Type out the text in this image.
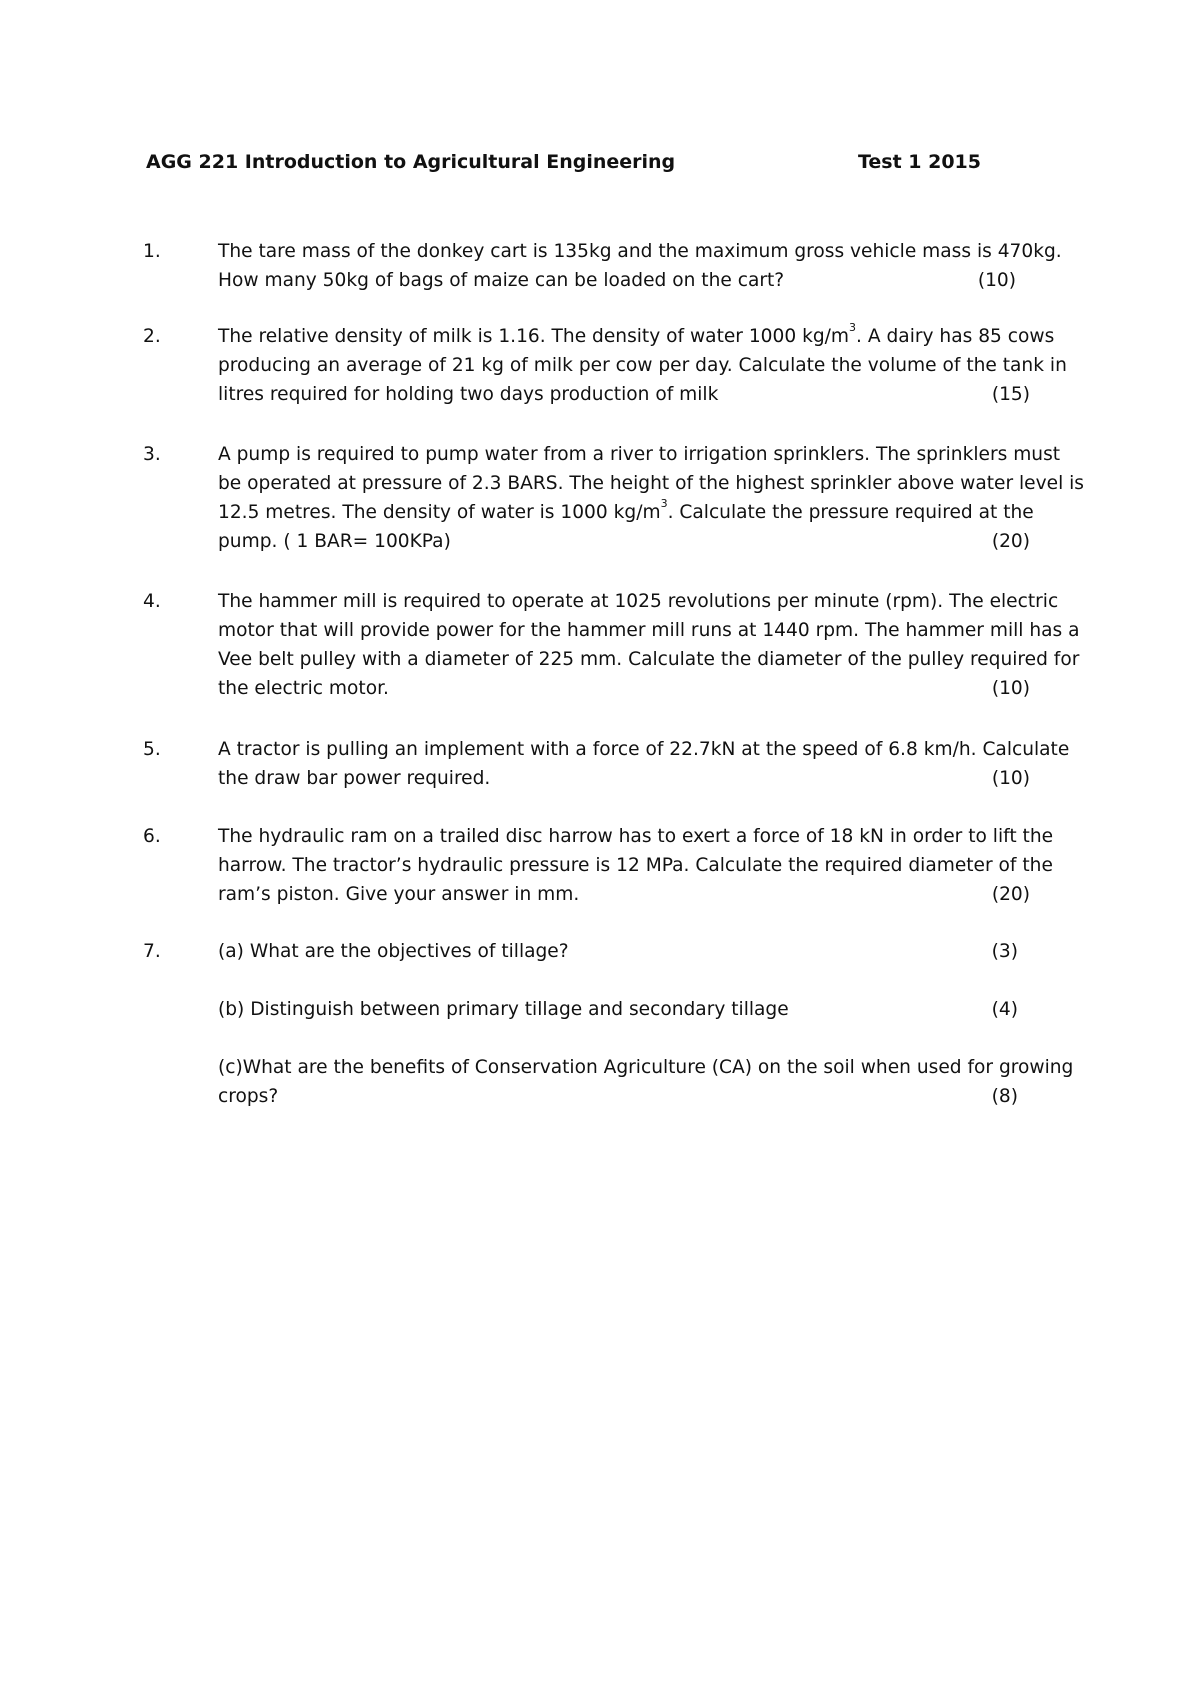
AGG 221 Introduction to Agricultural Engineering	Test 1 2015
1.	The tare mass of the donkey cart is 135kg and the maximum gross vehicle mass is 470kg.
How many 50kg of bags of maize can be loaded on the cart?	(10)
2.	The relative density of milk is 1.16. The density of water 1000 $kg/m^3$. A dairy has 85 cows
producing an average of 21 kg of milk per cow per day. Calculate the volume of the tank in
litres required for holding two days production of milk	(15)
3.	A pump is required to pump water from a river to irrigation sprinklers. The sprinklers must
be operated at pressure of 2.3 BARS. The height of the highest sprinkler above water level is
12.5 metres. The density of water is 1000 $kg/m^3$. Calculate the pressure required at the
pump. ( 1 BAR= 100KPa)	(20)
4.	The hammer mill is required to operate at 1025 revolutions per minute (rpm). The electric
motor that will provide power for the hammer mill runs at 1440 rpm. The hammer mill has a
Vee belt pulley with a diameter of 225 mm. Calculate the diameter of the pulley required for
the electric motor.	(10)
5.	A tractor is pulling an implement with a force of 22.7kN at the speed of 6.8 km/h. Calculate
the draw bar power required.	(10)
6.	The hydraulic ram on a trailed disc harrow has to exert a force of 18 kN in order to lift the
harrow. The tractor’s hydraulic pressure is 12 MPa. Calculate the required diameter of the
ram’s piston. Give your answer in mm.	(20)
7.	(a) What are the objectives of tillage?	(3)
(b) Distinguish between primary tillage and secondary tillage	(4)
(c)What are the benefits of Conservation Agriculture (CA) on the soil when used for growing
crops?	(8)
